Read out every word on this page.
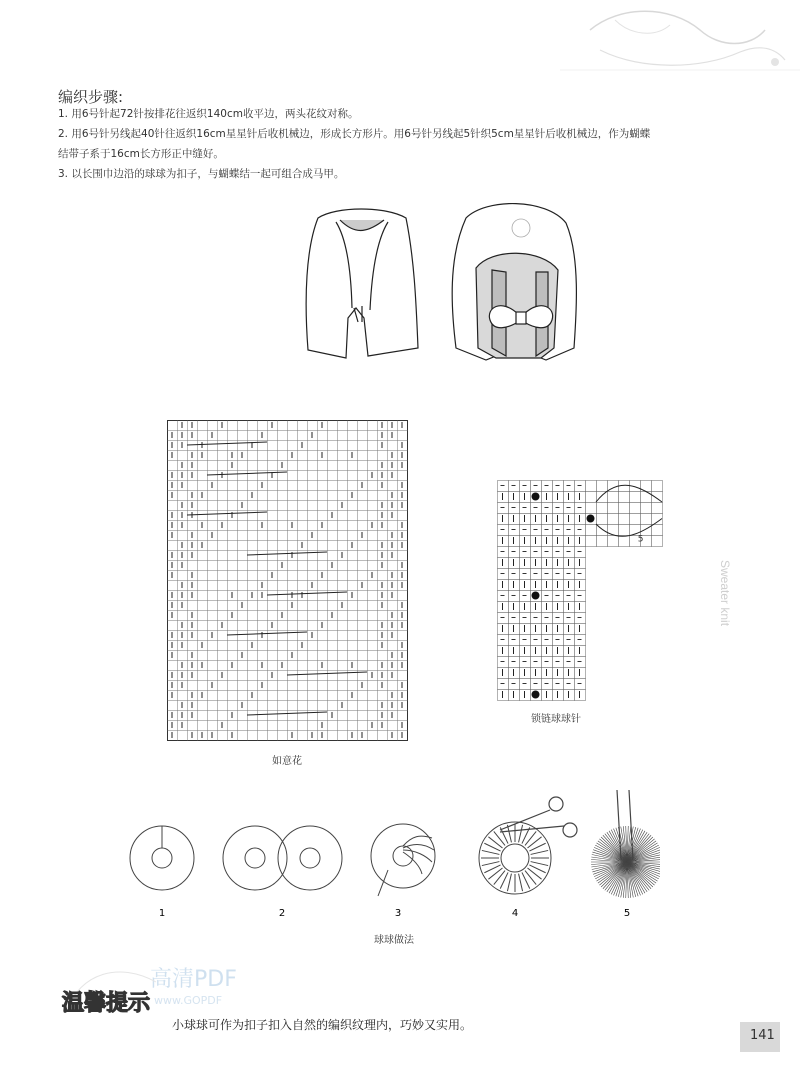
编织步骤:
1. 用6号针起72针按排花往返织140cm收平边，两头花纹对称。
2. 用6号针另线起40针往返织16cm星星针后收机械边，形成长方形片。用6号针另线起5针织5cm星星针后收机械边，作为蝴蝶
结带子系于16cm长方形正中缝好。
3. 以长围巾边沿的球球为扣子，与蝴蝶结一起可组合成马甲。
如意花
5
锁链球球针
Sweater knit
1	2	3	4	5
球球做法
高清PDF
www.GOPDF
温馨提示
小球球可作为扣子扣入自然的编织纹理内，巧妙又实用。
141
